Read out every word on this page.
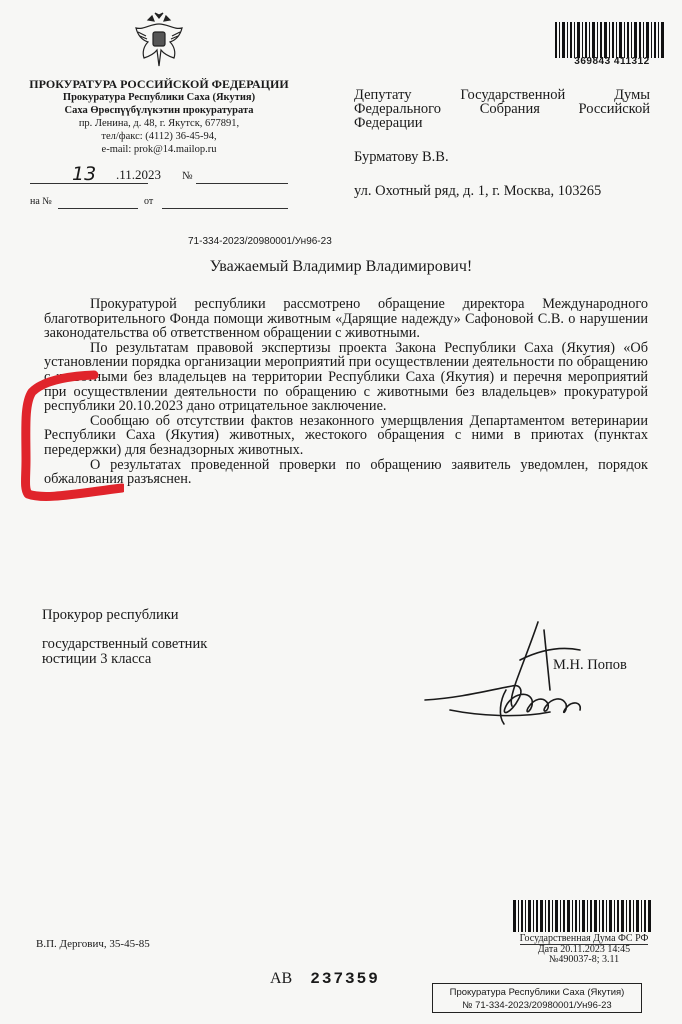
369843 411312
ПРОКУРАТУРА РОССИЙСКОЙ ФЕДЕРАЦИИ
Прокуратура Республики Саха (Якутия)
Саха Өрөспүүбүлүкэтин прокуратурата
пр. Ленина, д. 48, г. Якутск, 677891,
тел/факс: (4112) 36-45-94,
e-mail: prok@14.mailop.ru
13 .11.2023 №
на №	от
Депутату Государственной Думы Федерального Собрания Российской Федерации
Бурматову В.В.
ул. Охотный ряд, д. 1, г. Москва, 103265
71-334-2023/20980001/Ун96-23
Уважаемый Владимир Владимирович!

Прокуратурой республики рассмотрено обращение директора Международного благотворительного Фонда помощи животным «Дарящие надежду» Сафоновой С.В. о нарушении законодательства об ответственном обращении с животными.

По результатам правовой экспертизы проекта Закона Республики Саха (Якутия) «Об установлении порядка организации мероприятий при осуществлении деятельности по обращению с животными без владельцев на территории Республики Саха (Якутия) и перечня мероприятий при осуществлении деятельности по обращению с животными без владельцев» прокуратурой республики 20.10.2023 дано отрицательное заключение.

Сообщаю об отсутствии фактов незаконного умерщвления Департаментом ветеринарии Республики Саха (Якутия) животных, жестокого обращения с ними в приютах (пунктах передержки) для безнадзорных животных.

О результатах проведенной проверки по обращению заявитель уведомлен, порядок обжалования разъяснен.

Прокурор республики
государственный советник
юстиции 3 класса	М.Н. Попов
В.П. Дергович, 35-45-85
АВ 237359
Государственная Дума ФС РФ
Дата 20.11.2023 14:45
№490037-8; 3.11
Прокуратура Республики Саха (Якутия)
№ 71-334-2023/20980001/Ун96-23
